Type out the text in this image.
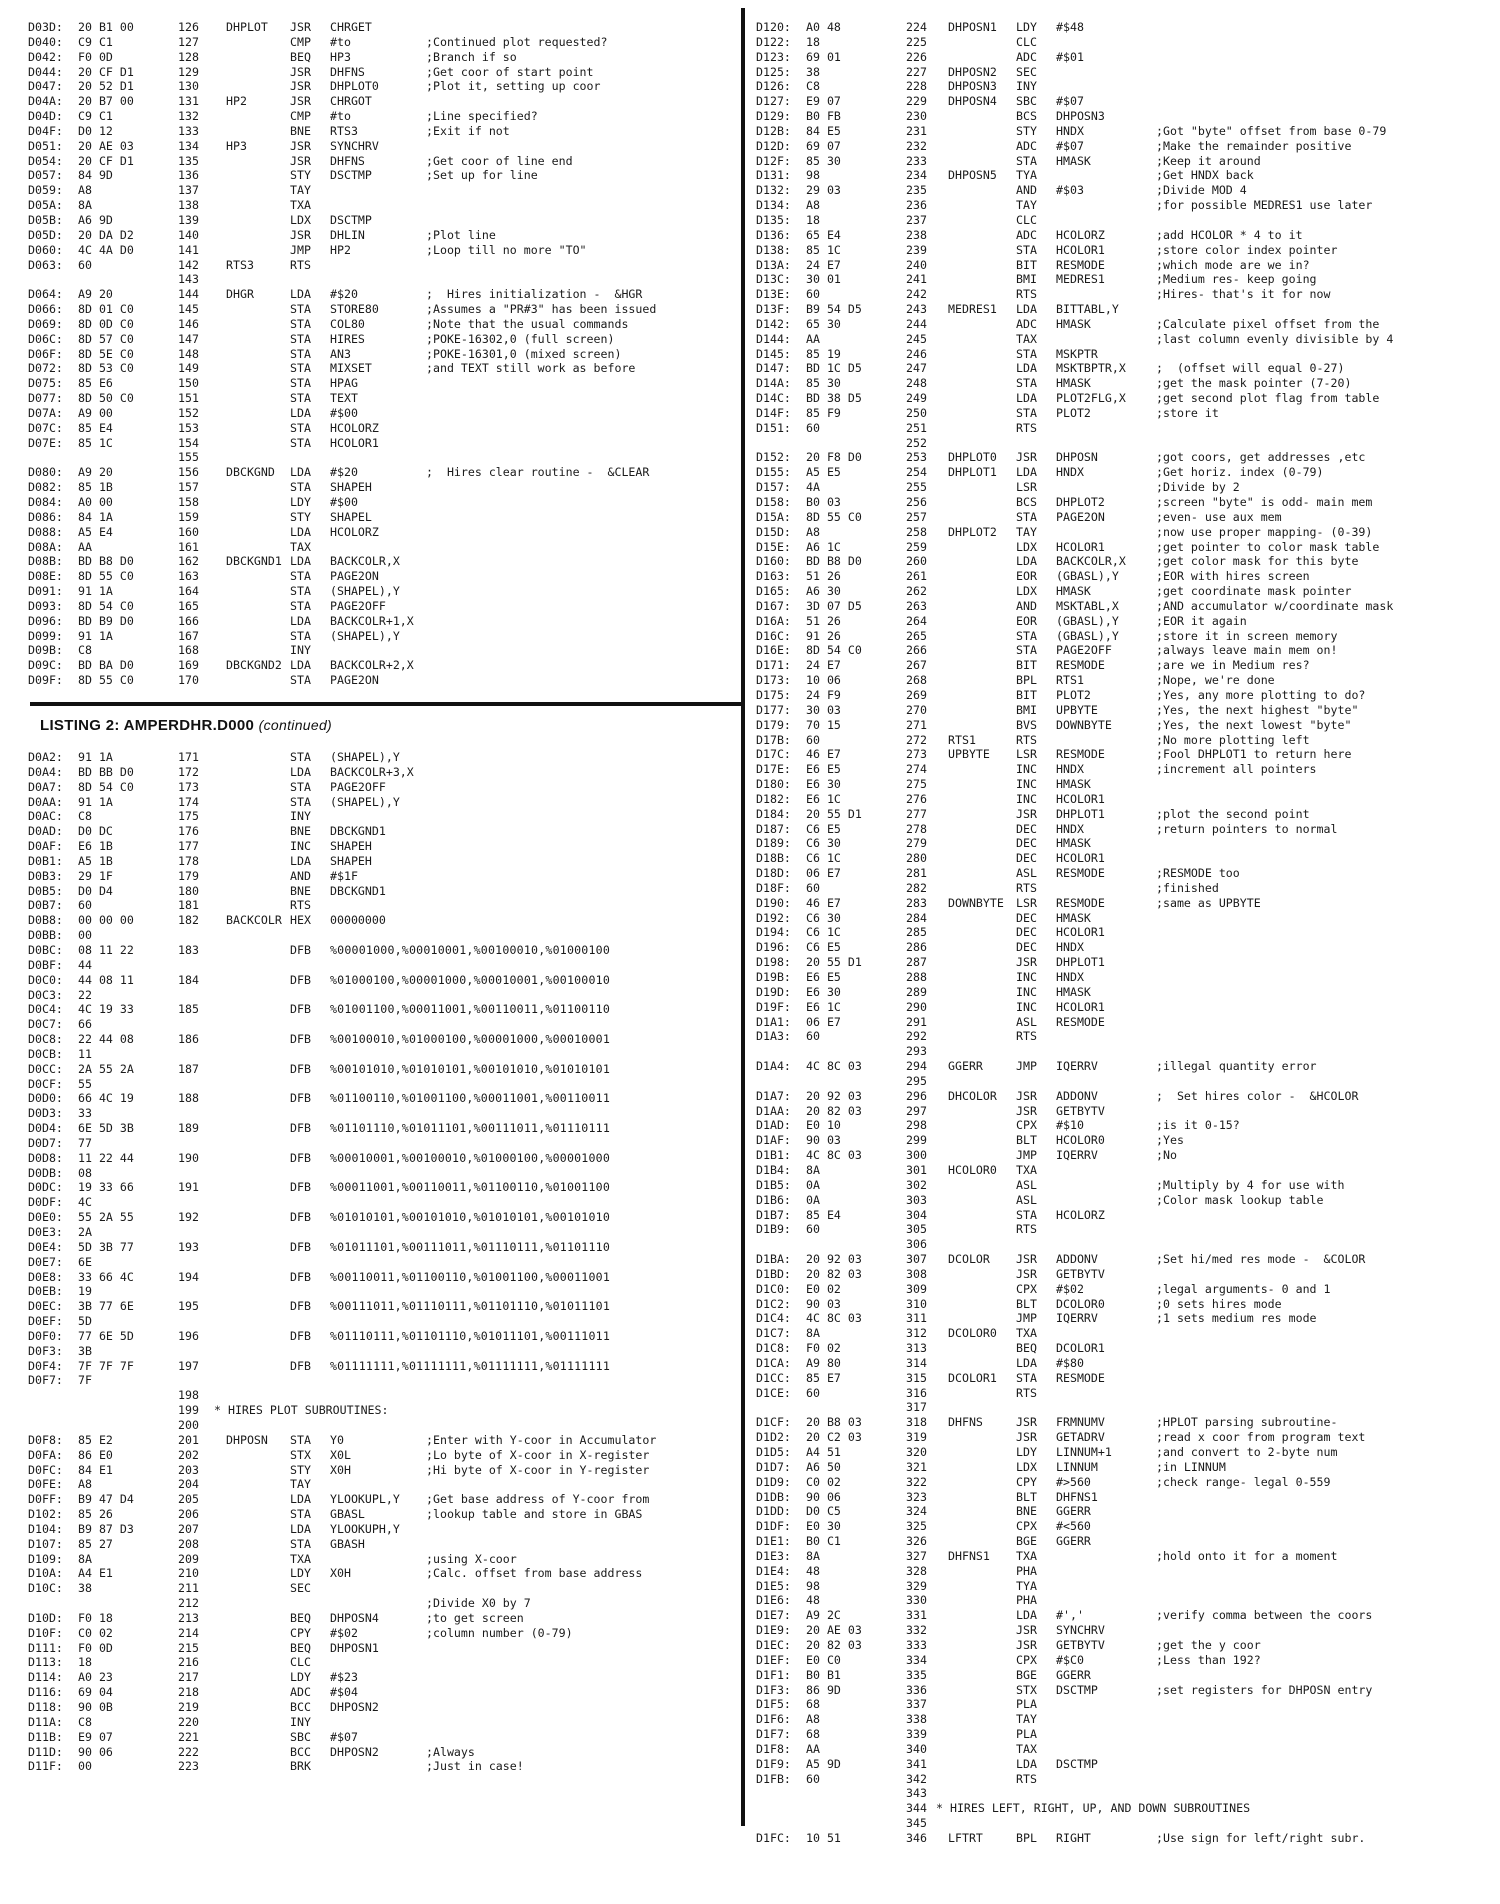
LISTING 2: AMPERDHR.D000 (continued)
D03D: 20 B1 00	126 DHPLOT JSR CHRGET
D040: C9 C1	127	CMP #to	;Continued plot requested?
D042: F0 0D	128	BEQ HP3	;Branch if so
D044: 20 CF D1	129	JSR DHFNS	;Get coor of start point
D047: 20 52 D1	130	JSR DHPLOT0	;Plot it, setting up coor
D04A: 20 B7 00	131 HP2	JSR CHRGOT
D04D: C9 C1	132	CMP #to	;Line specified?
D04F: D0 12	133	BNE RTS3	;Exit if not
D051: 20 AE 03	134 HP3	JSR SYNCHRV
D054: 20 CF D1	135	JSR DHFNS	;Get coor of line end
D057: 84 9D	136	STY DSCTMP	;Set up for line
D059: A8	137	TAY
D05A: 8A	138	TXA
D05B: A6 9D	139	LDX DSCTMP
D05D: 20 DA D2	140	JSR DHLIN	;Plot line
D060: 4C 4A D0	141	JMP HP2	;Loop till no more "TO"
D063: 60	142 RTS3	RTS
143
D064: A9 20	144 DHGR	LDA #$20	;  Hires initialization -  &HGR
D066: 8D 01 C0	145	STA STORE80	;Assumes a "PR#3" has been issued
D069: 8D 0D C0	146	STA COL80	;Note that the usual commands
D06C: 8D 57 C0	147	STA HIRES	;POKE-16302,0 (full screen)
D06F: 8D 5E C0	148	STA AN3	;POKE-16301,0 (mixed screen)
D072: 8D 53 C0	149	STA MIXSET	;and TEXT still work as before
D075: 85 E6	150	STA HPAG
D077: 8D 50 C0	151	STA TEXT
D07A: A9 00	152	LDA #$00
D07C: 85 E4	153	STA HCOLORZ
D07E: 85 1C	154	STA HCOLOR1
155
D080: A9 20	156 DBCKGND LDA #$20	;  Hires clear routine -  &CLEAR
D082: 85 1B	157	STA SHAPEH
D084: A0 00	158	LDY #$00
D086: 84 1A	159	STY SHAPEL
D088: A5 E4	160	LDA HCOLORZ
D08A: AA	161	TAX
D08B: BD B8 D0	162 DBCKGND1 LDA BACKCOLR,X
D08E: 8D 55 C0	163	STA PAGE2ON
D091: 91 1A	164	STA (SHAPEL),Y
D093: 8D 54 C0	165	STA PAGE2OFF
D096: BD B9 D0	166	LDA BACKCOLR+1,X
D099: 91 1A	167	STA (SHAPEL),Y
D09B: C8	168	INY
D09C: BD BA D0	169 DBCKGND2 LDA BACKCOLR+2,X
D09F: 8D 55 C0	170	STA PAGE2ON
D0A2: 91 1A	171	STA (SHAPEL),Y
D0A4: BD BB D0	172	LDA BACKCOLR+3,X
D0A7: 8D 54 C0	173	STA PAGE2OFF
D0AA: 91 1A	174	STA (SHAPEL),Y
D0AC: C8	175	INY
D0AD: D0 DC	176	BNE DBCKGND1
D0AF: E6 1B	177	INC SHAPEH
D0B1: A5 1B	178	LDA SHAPEH
D0B3: 29 1F	179	AND #$1F
D0B5: D0 D4	180	BNE DBCKGND1
D0B7: 60	181	RTS
D0B8: 00 00 00	182 BACKCOLR HEX 00000000
D0BB: 00
D0BC: 08 11 22	183	DFB %00001000,%00010001,%00100010,%01000100
D0BF: 44
D0C0: 44 08 11	184	DFB %01000100,%00001000,%00010001,%00100010
D0C3: 22
D0C4: 4C 19 33	185	DFB %01001100,%00011001,%00110011,%01100110
D0C7: 66
D0C8: 22 44 08	186	DFB %00100010,%01000100,%00001000,%00010001
D0CB: 11
D0CC: 2A 55 2A	187	DFB %00101010,%01010101,%00101010,%01010101
D0CF: 55
D0D0: 66 4C 19	188	DFB %01100110,%01001100,%00011001,%00110011
D0D3: 33
D0D4: 6E 5D 3B	189	DFB %01101110,%01011101,%00111011,%01110111
D0D7: 77
D0D8: 11 22 44	190	DFB %00010001,%00100010,%01000100,%00001000
D0DB: 08
D0DC: 19 33 66	191	DFB %00011001,%00110011,%01100110,%01001100
D0DF: 4C
D0E0: 55 2A 55	192	DFB %01010101,%00101010,%01010101,%00101010
D0E3: 2A
D0E4: 5D 3B 77	193	DFB %01011101,%00111011,%01110111,%01101110
D0E7: 6E
D0E8: 33 66 4C	194	DFB %00110011,%01100110,%01001100,%00011001
D0EB: 19
D0EC: 3B 77 6E	195	DFB %00111011,%01110111,%01101110,%01011101
D0EF: 5D
D0F0: 77 6E 5D	196	DFB %01110111,%01101110,%01011101,%00111011
D0F3: 3B
D0F4: 7F 7F 7F	197	DFB %01111111,%01111111,%01111111,%01111111
D0F7: 7F
198
199 * HIRES PLOT SUBROUTINES:
200
D0F8: 85 E2	201 DHPOSN STA Y0	;Enter with Y-coor in Accumulator
D0FA: 86 E0	202	STX X0L	;Lo byte of X-coor in X-register
D0FC: 84 E1	203	STY X0H	;Hi byte of X-coor in Y-register
D0FE: A8	204	TAY
D0FF: B9 47 D4	205	LDA YLOOKUPL,Y ;Get base address of Y-coor from
D102: 85 26	206	STA GBASL	;lookup table and store in GBAS
D104: B9 87 D3	207	LDA YLOOKUPH,Y
D107: 85 27	208	STA GBASH
D109: 8A	209	TXA	;using X-coor
D10A: A4 E1	210	LDY X0H	;Calc. offset from base address
D10C: 38	211	SEC
212	;Divide X0 by 7
D10D: F0 18	213	BEQ DHPOSN4	;to get screen
D10F: C0 02	214	CPY #$02	;column number (0-79)
D111: F0 0D	215	BEQ DHPOSN1
D113: 18	216	CLC
D114: A0 23	217	LDY #$23
D116: 69 04	218	ADC #$04
D118: 90 0B	219	BCC DHPOSN2
D11A: C8	220	INY
D11B: E9 07	221	SBC #$07
D11D: 90 06	222	BCC DHPOSN2	;Always
D11F: 00	223	BRK	;Just in case!
D120: A0 48	224 DHPOSN1 LDY #$48
D122: 18	225	CLC
D123: 69 01	226	ADC #$01
D125: 38	227 DHPOSN2 SEC
D126: C8	228 DHPOSN3 INY
D127: E9 07	229 DHPOSN4 SBC #$07
D129: B0 FB	230	BCS DHPOSN3
D12B: 84 E5	231	STY HNDX	;Got "byte" offset from base 0-79
D12D: 69 07	232	ADC #$07	;Make the remainder positive
D12F: 85 30	233	STA HMASK	;Keep it around
D131: 98	234 DHPOSN5 TYA	;Get HNDX back
D132: 29 03	235	AND #$03	;Divide MOD 4
D134: A8	236	TAY	;for possible MEDRES1 use later
D135: 18	237	CLC
D136: 65 E4	238	ADC HCOLORZ	;add HCOLOR * 4 to it
D138: 85 1C	239	STA HCOLOR1	;store color index pointer
D13A: 24 E7	240	BIT RESMODE	;which mode are we in?
D13C: 30 01	241	BMI MEDRES1	;Medium res- keep going
D13E: 60	242	RTS	;Hires- that's it for now
D13F: B9 54 D5	243 MEDRES1 LDA BITTABL,Y
D142: 65 30	244	ADC HMASK	;Calculate pixel offset from the
D144: AA	245	TAX	;last column evenly divisible by 4
D145: 85 19	246	STA MSKPTR
D147: BD 1C D5	247	LDA MSKTBPTR,X	;  (offset will equal 0-27)
D14A: 85 30	248	STA HMASK	;get the mask pointer (7-20)
D14C: BD 38 D5	249	LDA PLOT2FLG,X	;get second plot flag from table
D14F: 85 F9	250	STA PLOT2	;store it
D151: 60	251	RTS
252
D152: 20 F8 D0	253 DHPLOT0 JSR DHPOSN	;got coors, get addresses ,etc
D155: A5 E5	254 DHPLOT1 LDA HNDX	;Get horiz. index (0-79)
D157: 4A	255	LSR	;Divide by 2
D158: B0 03	256	BCS DHPLOT2	;screen "byte" is odd- main mem
D15A: 8D 55 C0	257	STA PAGE2ON	;even- use aux mem
D15D: A8	258 DHPLOT2 TAY	;now use proper mapping- (0-39)
D15E: A6 1C	259	LDX HCOLOR1	;get pointer to color mask table
D160: BD B8 D0	260	LDA BACKCOLR,X	;get color mask for this byte
D163: 51 26	261	EOR (GBASL),Y	;EOR with hires screen
D165: A6 30	262	LDX HMASK	;get coordinate mask pointer
D167: 3D 07 D5	263	AND MSKTABL,X	;AND accumulator w/coordinate mask
D16A: 51 26	264	EOR (GBASL),Y	;EOR it again
D16C: 91 26	265	STA (GBASL),Y	;store it in screen memory
D16E: 8D 54 C0	266	STA PAGE2OFF	;always leave main mem on!
D171: 24 E7	267	BIT RESMODE	;are we in Medium res?
D173: 10 06	268	BPL RTS1	;Nope, we're done
D175: 24 F9	269	BIT PLOT2	;Yes, any more plotting to do?
D177: 30 03	270	BMI UPBYTE	;Yes, the next highest "byte"
D179: 70 15	271	BVS DOWNBYTE	;Yes, the next lowest "byte"
D17B: 60	272 RTS1	RTS	;No more plotting left
D17C: 46 E7	273 UPBYTE LSR RESMODE	;Fool DHPLOT1 to return here
D17E: E6 E5	274	INC HNDX	;increment all pointers
D180: E6 30	275	INC HMASK
D182: E6 1C	276	INC HCOLOR1
D184: 20 55 D1	277	JSR DHPLOT1	;plot the second point
D187: C6 E5	278	DEC HNDX	;return pointers to normal
D189: C6 30	279	DEC HMASK
D18B: C6 1C	280	DEC HCOLOR1
D18D: 06 E7	281	ASL RESMODE	;RESMODE too
D18F: 60	282	RTS	;finished
D190: 46 E7	283 DOWNBYTE LSR RESMODE	;same as UPBYTE
D192: C6 30	284	DEC HMASK
D194: C6 1C	285	DEC HCOLOR1
D196: C6 E5	286	DEC HNDX
D198: 20 55 D1	287	JSR DHPLOT1
D19B: E6 E5	288	INC HNDX
D19D: E6 30	289	INC HMASK
D19F: E6 1C	290	INC HCOLOR1
D1A1: 06 E7	291	ASL RESMODE
D1A3: 60	292	RTS
293
D1A4: 4C 8C 03	294 GGERR	JMP IQERRV	;illegal quantity error
295
D1A7: 20 92 03	296 DHCOLOR JSR ADDONV	;  Set hires color -  &HCOLOR
D1AA: 20 82 03	297	JSR GETBYTV
D1AD: E0 10	298	CPX #$10	;is it 0-15?
D1AF: 90 03	299	BLT HCOLOR0	;Yes
D1B1: 4C 8C 03	300	JMP IQERRV	;No
D1B4: 8A	301 HCOLOR0 TXA
D1B5: 0A	302	ASL	;Multiply by 4 for use with
D1B6: 0A	303	ASL	;Color mask lookup table
D1B7: 85 E4	304	STA HCOLORZ
D1B9: 60	305	RTS
306
D1BA: 20 92 03	307 DCOLOR JSR ADDONV	;Set hi/med res mode -  &COLOR
D1BD: 20 82 03	308	JSR GETBYTV
D1C0: E0 02	309	CPX #$02	;legal arguments- 0 and 1
D1C2: 90 03	310	BLT DCOLOR0	;0 sets hires mode
D1C4: 4C 8C 03	311	JMP IQERRV	;1 sets medium res mode
D1C7: 8A	312 DCOLOR0 TXA
D1C8: F0 02	313	BEQ DCOLOR1
D1CA: A9 80	314	LDA #$80
D1CC: 85 E7	315 DCOLOR1 STA RESMODE
D1CE: 60	316	RTS
317
D1CF: 20 B8 03	318 DHFNS	JSR FRMNUMV	;HPLOT parsing subroutine-
D1D2: 20 C2 03	319	JSR GETADRV	;read x coor from program text
D1D5: A4 51	320	LDY LINNUM+1	;and convert to 2-byte num
D1D7: A6 50	321	LDX LINNUM	;in LINNUM
D1D9: C0 02	322	CPY #>560	;check range- legal 0-559
D1DB: 90 06	323	BLT DHFNS1
D1DD: D0 C5	324	BNE GGERR
D1DF: E0 30	325	CPX #<560
D1E1: B0 C1	326	BGE GGERR
D1E3: 8A	327 DHFNS1 TXA	;hold onto it for a moment
D1E4: 48	328	PHA
D1E5: 98	329	TYA
D1E6: 48	330	PHA
D1E7: A9 2C	331	LDA #','	;verify comma between the coors
D1E9: 20 AE 03	332	JSR SYNCHRV
D1EC: 20 82 03	333	JSR GETBYTV	;get the y coor
D1EF: E0 C0	334	CPX #$C0	;Less than 192?
D1F1: B0 B1	335	BGE GGERR
D1F3: 86 9D	336	STX DSCTMP	;set registers for DHPOSN entry
D1F5: 68	337	PLA
D1F6: A8	338	TAY
D1F7: 68	339	PLA
D1F8: AA	340	TAX
D1F9: A5 9D	341	LDA DSCTMP
D1FB: 60	342	RTS
343
344 * HIRES LEFT, RIGHT, UP, AND DOWN SUBROUTINES
345
D1FC: 10 51	346 LFTRT	BPL RIGHT	;Use sign for left/right subr.
